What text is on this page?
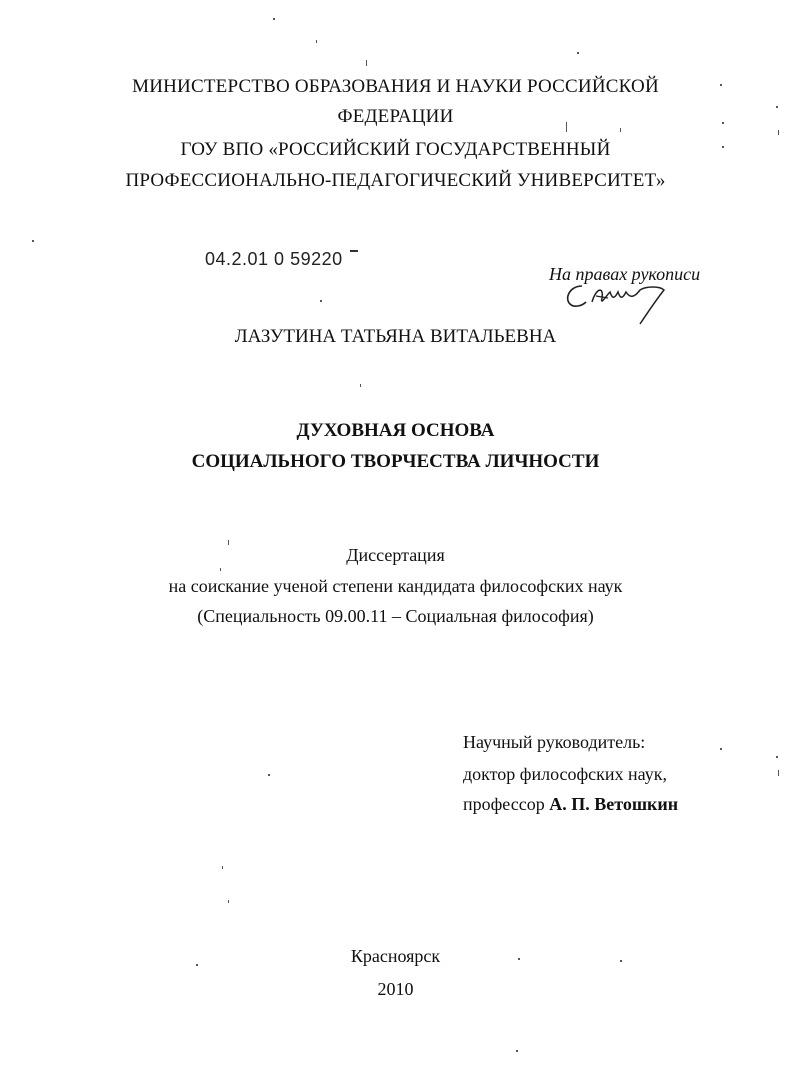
МИНИСТЕРСТВО ОБРАЗОВАНИЯ И НАУКИ РОССИЙСКОЙ
ФЕДЕРАЦИИ
ГОУ ВПО «РОССИЙСКИЙ ГОСУДАРСТВЕННЫЙ
ПРОФЕССИОНАЛЬНО-ПЕДАГОГИЧЕСКИЙ УНИВЕРСИТЕТ»
04.2.01 0 59220
На правах рукописи
ЛАЗУТИНА ТАТЬЯНА ВИТАЛЬЕВНА
ДУХОВНАЯ ОСНОВА
СОЦИАЛЬНОГО ТВОРЧЕСТВА ЛИЧНОСТИ
Диссертация
на соискание ученой степени кандидата философских наук
(Специальность 09.00.11 – Социальная философия)
Научный руководитель:
доктор философских наук,
профессор А. П. Ветошкин
Красноярск
2010
